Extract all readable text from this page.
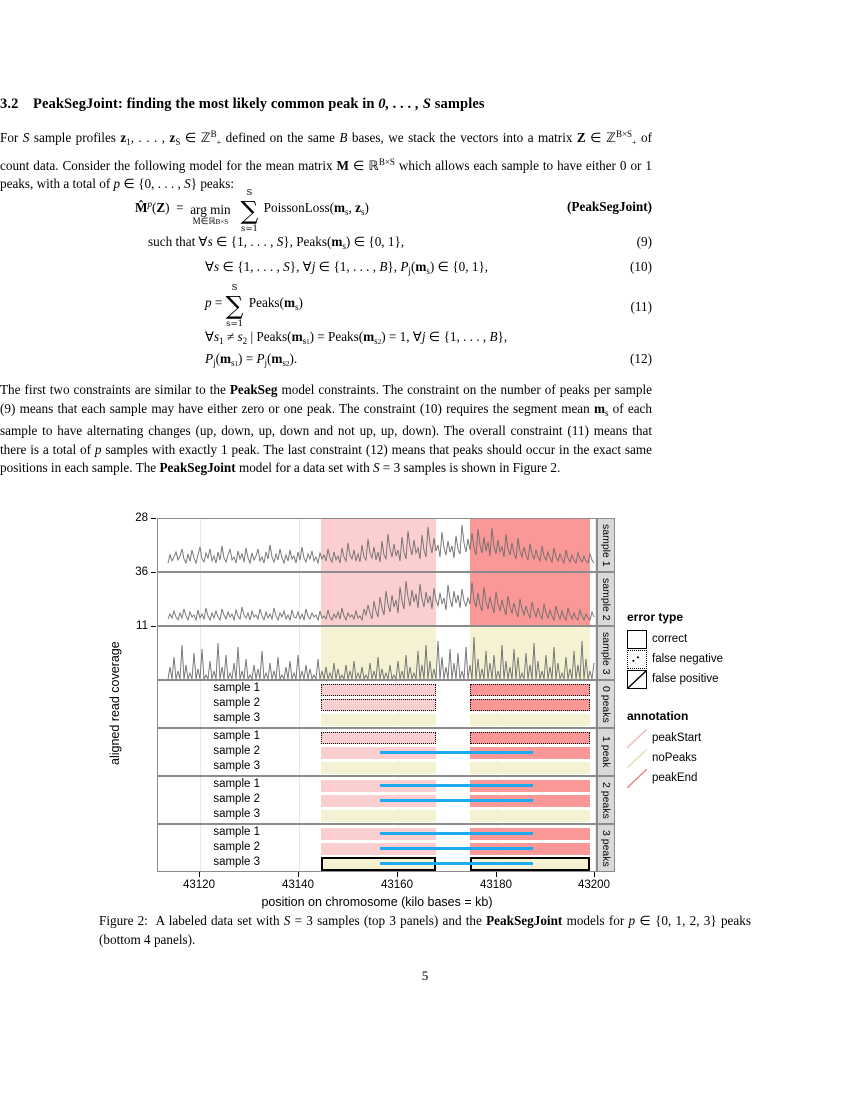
3.2 PeakSegJoint: finding the most likely common peak in 0, . . . , S samples

For S sample profiles $z_1$, . . . , $z_S$ ∈ ℤ$^B_+$ defined on the same B bases, we stack the vectors into a matrix Z ∈ ℤ$^{B\times S}_+$ of count data. Consider the following model for the mean matrix M ∈ ℝ$^{B\times S}$ which allows each sample to have either 0 or 1 peaks, with a total of p ∈ {0, . . . , S} peaks:

M̂$^p$(Z)  =  arg min
M∈ℝB×S ∑
S
s=1
$PoissonLoss(m_s$, $z_s$)	(PeakSegJoint)
such that ∀s ∈ {1, . . . , S}, $Peaks(m_s)$ ∈ {0, 1},	(9)
∀s ∈ {1, . . . , S}, ∀j ∈ {1, . . . , B}, $P_j(m_s)$ ∈ {0, 1},	(10)
p = ∑
S
s=1
$Peaks(m_s)$	(11)
$\forall s_1 \ne s_2$ | $Peaks(m_{s1})$ = $Peaks(m_{s2}) = 1$, ∀j ∈ {1, . . . , B},
$P_j(m_{s1}) = P_j(m_{s2})$.	(12)

The first two constraints are similar to the PeakSeg model constraints. The constraint on the number of peaks per sample (9) means that each sample may have either zero or one peak. The constraint (10) requires the segment mean $m_s$ of each sample to have alternating changes (up, down, up, down and not up, up, down). The overall constraint (11) means that there is a total of p samples with exactly 1 peak. The last constraint (12) means that peaks should occur in the exact same positions in each sample. The PeakSegJoint model for a data set with S = 3 samples is shown in Figure 2.

aligned read coverage
28
36
11
sample 1
sample 2
sample 3
sample 1
sample 2
sample 3	0 peaks
sample 1
sample 2
sample 3	1 peak
sample 1
sample 2
sample 3	2 peaks
sample 1
sample 2
sample 3	3 peaks
43120	43140	43160	43180	43200
position on chromosome (kilo bases = kb)
error type
correct
false negative
false positive
annotation
peakStart
noPeaks
peakEnd
Figure 2:  A labeled data set with S = 3 samples (top 3 panels) and the PeakSegJoint models for p ∈ {0, 1, 2, 3} peaks (bottom 4 panels).
5
